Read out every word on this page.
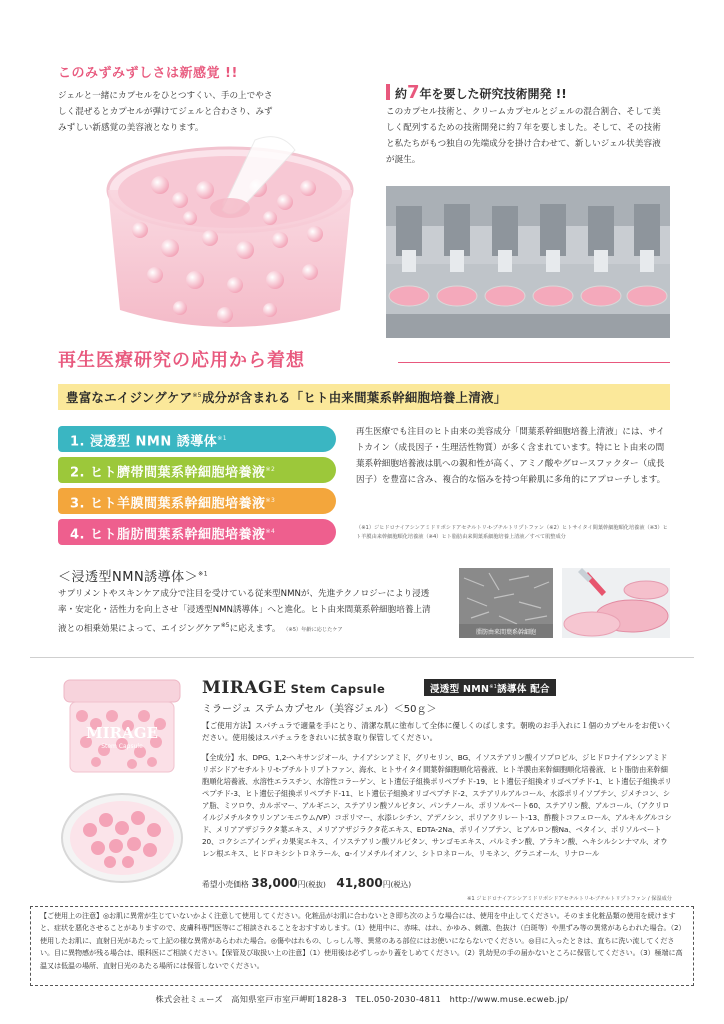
このみずみずしさは新感覚 !!
ジェルと一緒にカプセルをひとつすくい、手の上でやさしく混ぜるとカプセルが弾けてジェルと合わさり、みずみずしい新感覚の美容液となります。
約7年を要した研究技術開発 !!
このカプセル技術と、クリームカプセルとジェルの混合割合、そして美しく配列するための技術開発に約７年を要しました。そして、その技術と私たちがもつ独自の先端成分を掛け合わせて、新しいジェル状美容液が誕生。
再生医療研究の応用から着想
豊富なエイジングケア$^{※5}$成分が含まれる「ヒト由来間葉系幹細胞培養上清液」
1. 浸透型 NMN 誘導体$^{※1}$
2. ヒト臍帯間葉系幹細胞培養液$^{※2}$
3. ヒト羊膜間葉系幹細胞培養液$^{※3}$
4. ヒト脂肪間葉系幹細胞培養液$^{※4}$
再生医療でも注目のヒト由来の美容成分「間葉系幹細胞培養上清液」には、サイトカイン（成長因子・生理活性物質）が多く含まれています。特にヒト由来の間葉系幹細胞培養液は肌への親和性が高く、アミノ酸やグロースファクター（成長因子）を豊富に含み、複合的な悩みを持つ年齢肌に多角的にアプローチします。
（※1）ジヒドロナイアシンアミドリボシドアセチルトリ-t-ブチルトリプトファン（※2）ヒトサイタイ間葉幹細胞順化培養液（※3）ヒト羊膜由来幹細胞順化培養液（※4）ヒト脂肪由来間葉系細胞培養上清液／すべて肌整成分
＜浸透型NMN誘導体＞$^{※1}$
サプリメントやスキンケア成分で注目を受けている従来型NMNが、先進テクノロジーにより浸透率・安定化・活性力を向上させ「浸透型NMN誘導体」へと進化。ヒト由来間葉系幹細胞培養上清液との相乗効果によって、エイジングケア$^{※5}$に応えます。 （※5）年齢に応じたケア	脂肪由来間葉系幹細胞
MIRAGE
Stem Capsule
MIRAGE Stem Capsule	浸透型 NMN$^{※1}$誘導体 配合
ミラージュ ステムカプセル（美容ジェル）＜50ｇ＞
【ご使用方法】スパチュラで適量を手にとり、清潔な肌に塗布して全体に優しくのばします。朝晩のお手入れに１個のカプセルをお使いください。使用後はスパチュラをきれいに拭き取り保管してください。
【全成分】水、DPG、1,2-ヘキサンジオール、ナイアシンアミド、グリセリン、BG、イソステアリン酸イソプロピル、ジヒドロナイアシンアミドリボシドアセチルトリ-t-ブチルトリプトファン、海水、ヒトサイタイ間葉幹細胞順化培養液、ヒト羊膜由来幹細胞順化培養液、ヒト脂肪由来幹細胞順化培養液、水溶性エラスチン、水溶性コラーゲン、ヒト遺伝子組換ポリペプチド-19、ヒト遺伝子組換オリゴペプチド-1、ヒト遺伝子組換ポリペプチド-3、ヒト遺伝子組換ポリペプチド-11、ヒト遺伝子組換オリゴペプチド-2、ステアリルアルコール、水添ポリイソブテン、ジメチコン、シア脂、ミツロウ、カルボマー、アルギニン、ステアリン酸ソルビタン、パンテノール、ポリソルベート60、ステアリン酸、アルコール、（アクリロイルジメチルタウリンアンモニウム/VP）コポリマー、水添レシチン、アデノシン、ポリアクリレート-13、酢酸トコフェロール、アルキルグルコシド、メリアアザジラクタ葉エキス、メリアアザジラクタ花エキス、EDTA-2Na、ポリイソブテン、ヒアルロン酸Na、ベタイン、ポリソルベート20、コクシニアインディカ果実エキス、イソステアリン酸ソルビタン、サンゴモエキス、パルミチン酸、アラキン酸、ヘキシルシンナマル、オウレン根エキス、ヒドロキシシトロネラール、α-イソメチルイオノン、シトロネロール、リモネン、グラニオール、リナロール
希望小売価格 38,000円(税抜) 41,800円(税込)
※1 ジヒドロナイアシンアミドリボシドアセチルトリ-t-ブチルトリプトファン / 保湿成分
【ご使用上の注意】◎お肌に異常が生じていないかよく注意して使用してください。化粧品がお肌に合わないとき即ち次のような場合には、使用を中止してください。そのまま化粧品類の使用を続けますと、症状を悪化させることがありますので、皮膚科専門医等にご相談されることをおすすめします。（1）使用中に、赤味、はれ、かゆみ、刺激、色抜け（白斑等）や黒ずみ等の異常があらわれた場合。（2）使用したお肌に、直射日光があたって上記の様な異常があらわれた場合。◎傷やはれもの、しっしん等、異常のある部位にはお使いにならないでください。◎目に入ったときは、直ちに洗い流してください。目に異物感が残る場合は、眼科医にご相談ください。【保管及び取扱い上の注意】（1）使用後は必ずしっかり蓋をしめてください。（2）乳幼児の手の届かないところに保管してください。（3）極端に高温又は低温の場所、直射日光のあたる場所には保管しないでください。
株式会社ミューズ　高知県室戸市室戸岬町1828-3　TEL.050-2030-4811　http://www.muse.ecweb.jp/
